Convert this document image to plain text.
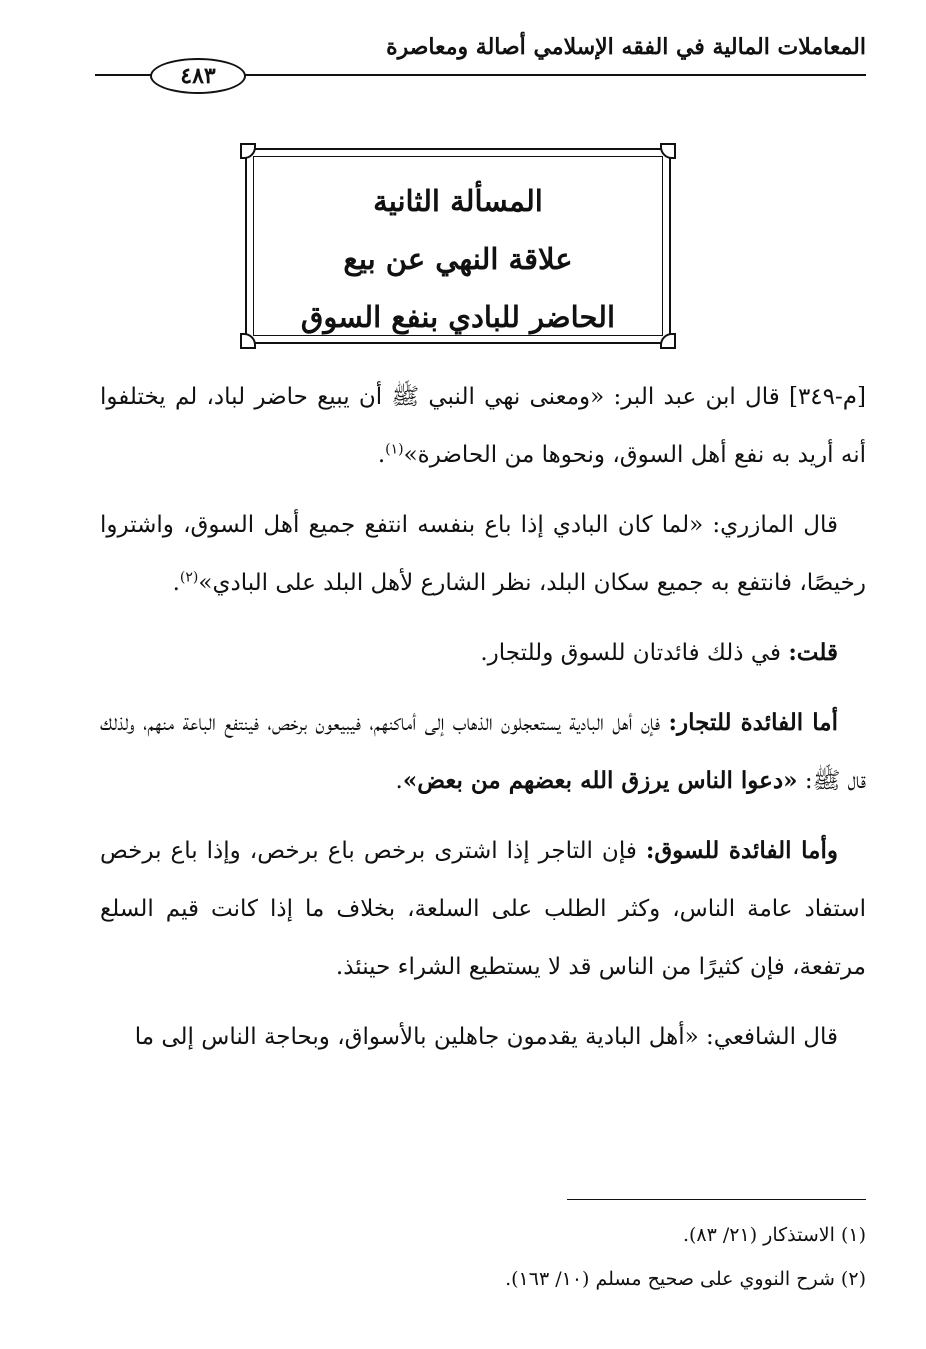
المعاملات المالية في الفقه الإسلامي أصالة ومعاصرة
٤٨٣
المسألة الثانية
علاقة النهي عن بيع
الحاضر للبادي بنفع السوق

[م-٣٤٩] قال ابن عبد البر: «ومعنى نهي النبي ﷺ أن يبيع حاضر لباد، لم يختلفوا أنه أريد به نفع أهل السوق، ونحوها من الحاضرة»$^{(١)}$.

قال المازري: «لما كان البادي إذا باع بنفسه انتفع جميع أهل السوق، واشتروا رخيصًا، فانتفع به جميع سكان البلد، نظر الشارع لأهل البلد على البادي»$^{(٢)}$.

قلت: في ذلك فائدتان للسوق وللتجار.

أما الفائدة للتجار: فإن أهل البادية يستعجلون الذهاب إلى أماكنهم، فيبيعون برخص، فينتفع الباعة منهم، ولذلك قال ﷺ: «دعوا الناس يرزق الله بعضهم من بعض».

وأما الفائدة للسوق: فإن التاجر إذا اشترى برخص باع برخص، وإذا باع برخص استفاد عامة الناس، وكثر الطلب على السلعة، بخلاف ما إذا كانت قيم السلع مرتفعة، فإن كثيرًا من الناس قد لا يستطيع الشراء حينئذ.

قال الشافعي: «أهل البادية يقدمون جاهلين بالأسواق، وبحاجة الناس إلى ما

(١) الاستذكار (٢١/ ٨٣).
(٢) شرح النووي على صحيح مسلم (١٠/ ١٦٣).
